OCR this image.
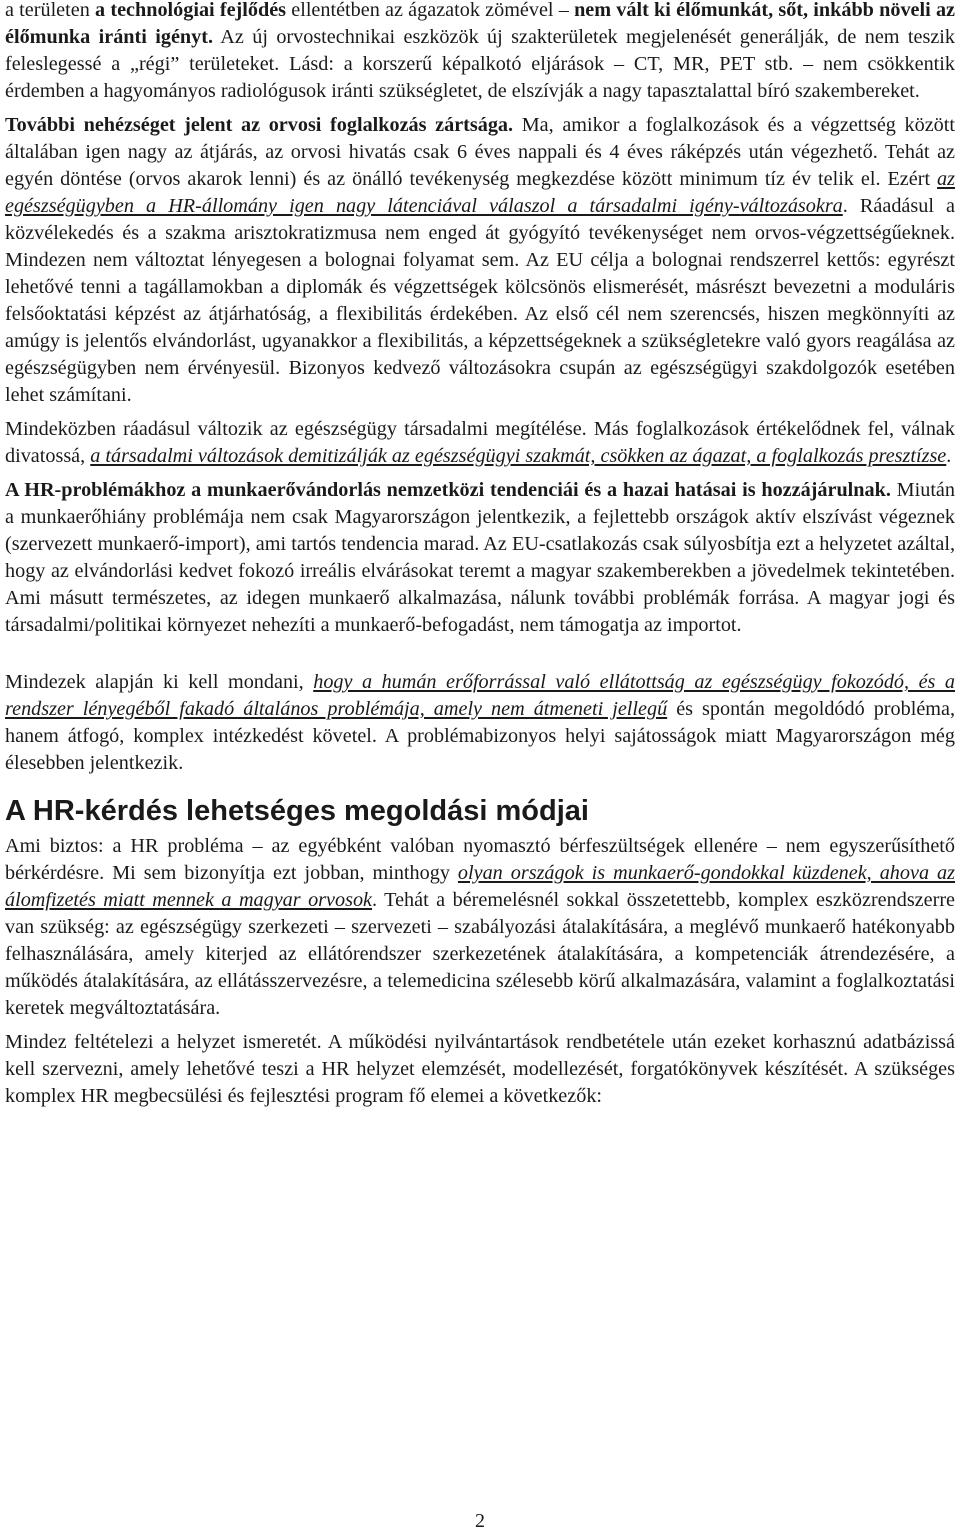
a területen a technológiai fejlődés ellentétben az ágazatok zömével – nem vált ki élőmunkát, sőt, inkább növeli az élőmunka iránti igényt. Az új orvostechnikai eszközök új szakterületek megjelenését generálják, de nem teszik feleslegessé a „régi” területeket. Lásd: a korszerű képalkotó eljárások – CT, MR, PET stb. – nem csökkentik érdemben a hagyományos radiológusok iránti szükségletet, de elszívják a nagy tapasztalattal bíró szakembereket.

További nehézséget jelent az orvosi foglalkozás zártsága. Ma, amikor a foglalkozások és a végzettség között általában igen nagy az átjárás, az orvosi hivatás csak 6 éves nappali és 4 éves ráképzés után végezhető. Tehát az egyén döntése (orvos akarok lenni) és az önálló tevékenység megkezdése között minimum tíz év telik el. Ezért az egészségügyben a HR-állomány igen nagy látenciával válaszol a társadalmi igény-változásokra. Ráadásul a közvélekedés és a szakma arisztokratizmusa nem enged át gyógyító tevékenységet nem orvos-végzettségűeknek. Mindezen nem változtat lényegesen a bolognai folyamat sem. Az EU célja a bolognai rendszerrel kettős: egyrészt lehetővé tenni a tagállamokban a diplomák és végzettségek kölcsönös elismerését, másrészt bevezetni a moduláris felsőoktatási képzést az átjárhatóság, a flexibilitás érdekében. Az első cél nem szerencsés, hiszen megkönnyíti az amúgy is jelentős elvándorlást, ugyanakkor a flexibilitás, a képzettségeknek a szükségletekre való gyors reagálása az egészségügyben nem érvényesül. Bizonyos kedvező változásokra csupán az egészségügyi szakdolgozók esetében lehet számítani.

Mindeközben ráadásul változik az egészségügy társadalmi megítélése. Más foglalkozások értékelődnek fel, válnak divatossá, a társadalmi változások demitizálják az egészségügyi szakmát, csökken az ágazat, a foglalkozás presztízse.

A HR-problémákhoz a munkaerővándorlás nemzetközi tendenciái és a hazai hatásai is hozzájárulnak. Miután a munkaerőhiány problémája nem csak Magyarországon jelentkezik, a fejlettebb országok aktív elszívást végeznek (szervezett munkaerő-import), ami tartós tendencia marad. Az EU-csatlakozás csak súlyosbítja ezt a helyzetet azáltal, hogy az elvándorlási kedvet fokozó irreális elvárásokat teremt a magyar szakemberekben a jövedelmek tekintetében. Ami másutt természetes, az idegen munkaerő alkalmazása, nálunk további problémák forrása. A magyar jogi és társadalmi/politikai környezet nehezíti a munkaerő-befogadást, nem támogatja az importot.

Mindezek alapján ki kell mondani, hogy a humán erőforrással való ellátottság az egészségügy fokozódó, és a rendszer lényegéből fakadó általános problémája, amely nem átmeneti jellegű és spontán megoldódó probléma, hanem átfogó, komplex intézkedést követel. A problémabizonyos helyi sajátosságok miatt Magyarországon még élesebben jelentkezik.

A HR-kérdés lehetséges megoldási módjai

Ami biztos: a HR probléma – az egyébként valóban nyomasztó bérfeszültségek ellenére – nem egyszerűsíthető bérkérdésre. Mi sem bizonyítja ezt jobban, minthogy olyan országok is munkaerő-gondokkal küzdenek, ahova az álomfizetés miatt mennek a magyar orvosok. Tehát a béremelésnél sokkal összetettebb, komplex eszközrendszerre van szükség: az egészségügy szerkezeti – szervezeti – szabályozási átalakítására, a meglévő munkaerő hatékonyabb felhasználására, amely kiterjed az ellátórendszer szerkezetének átalakítására, a kompetenciák átrendezésére, a működés átalakítására, az ellátásszervezésre, a telemedicina szélesebb körű alkalmazására, valamint a foglalkoztatási keretek megváltoztatására.

Mindez feltételezi a helyzet ismeretét. A működési nyilvántartások rendbetétele után ezeket korhasznú adatbázissá kell szervezni, amely lehetővé teszi a HR helyzet elemzését, modellezését, forgatókönyvek készítését. A szükséges komplex HR megbecsülési és fejlesztési program fő elemei a következők:

2
